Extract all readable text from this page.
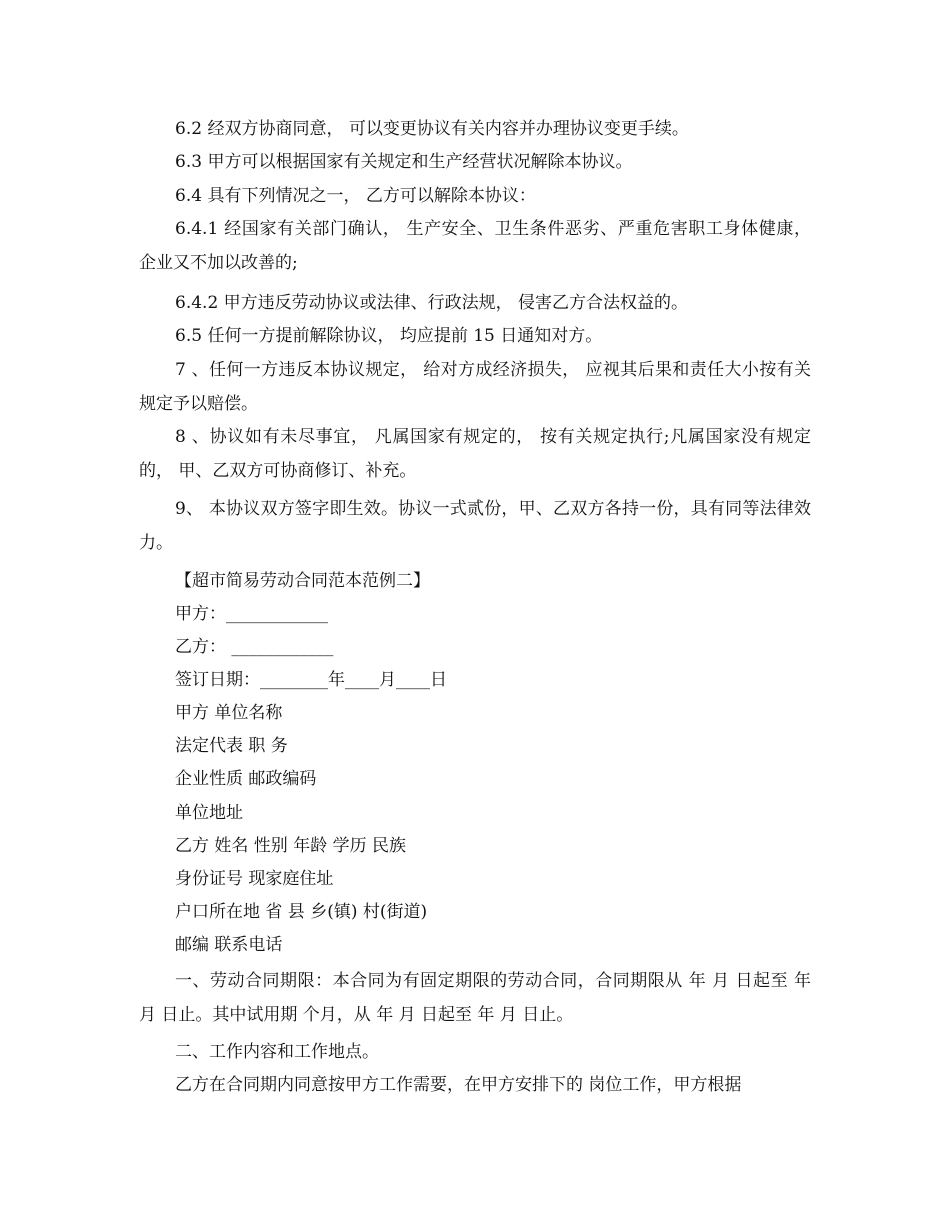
6.2 经双方协商同意， 可以变更协议有关内容并办理协议变更手续。

6.3 甲方可以根据国家有关规定和生产经营状况解除本协议。

6.4 具有下列情况之一， 乙方可以解除本协议：

6.4.1 经国家有关部门确认， 生产安全、卫生条件恶劣、严重危害职工身体健康， 企业又不加以改善的;

6.4.2 甲方违反劳动协议或法律、行政法规， 侵害乙方合法权益的。

6.5 任何一方提前解除协议， 均应提前 15 日通知对方。

7 、任何一方违反本协议规定， 给对方成经济损失， 应视其后果和责任大小按有关规定予以赔偿。

8 、协议如有未尽事宜， 凡属国家有规定的， 按有关规定执行;凡属国家没有规定的， 甲、乙双方可协商修订、补充。

9、 本协议双方签字即生效。协议一式贰份，甲、乙双方各持一份，具有同等法律效力。

【超市简易劳动合同范本范例二】

甲方：____________

乙方： ____________

签订日期：________年____月____日

甲方 单位名称

法定代表 职 务

企业性质 邮政编码

单位地址

乙方 姓名 性别 年龄 学历 民族

身份证号 现家庭住址

户口所在地 省 县 乡(镇) 村(街道)

邮编 联系电话

一、劳动合同期限：本合同为有固定期限的劳动合同，合同期限从 年 月 日起至 年 月 日止。其中试用期 个月，从 年 月 日起至 年 月 日止。

二、工作内容和工作地点。

乙方在合同期内同意按甲方工作需要，在甲方安排下的 岗位工作，甲方根据
